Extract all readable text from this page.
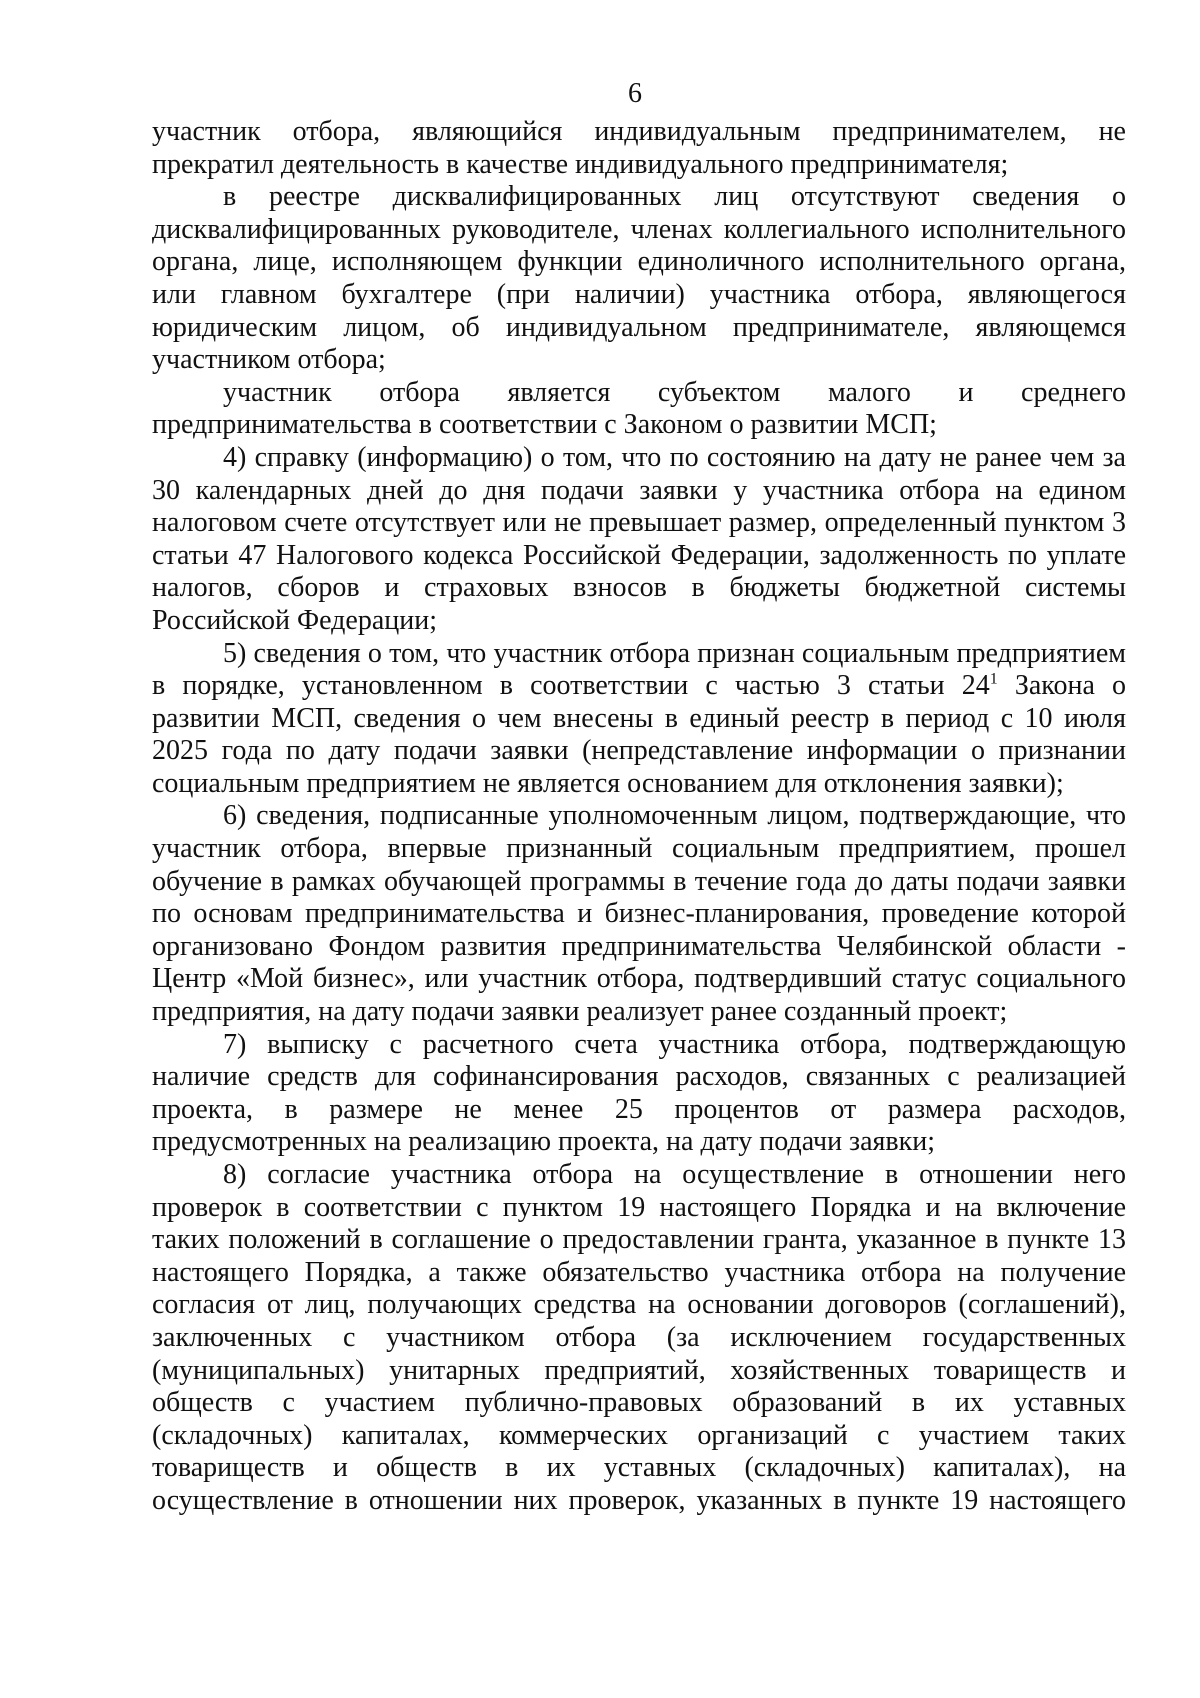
6

участник отбора, являющийся индивидуальным предпринимателем, не прекратил деятельность в качестве индивидуального предпринимателя;

в реестре дисквалифицированных лиц отсутствуют сведения о дисквалифицированных руководителе, членах коллегиального исполнительного органа, лице, исполняющем функции единоличного исполнительного органа, или главном бухгалтере (при наличии) участника отбора, являющегося юридическим лицом, об индивидуальном предпринимателе, являющемся участником отбора;

участник отбора является субъектом малого и среднего предпринимательства в соответствии с Законом о развитии МСП;

4) справку (информацию) о том, что по состоянию на дату не ранее чем за 30 календарных дней до дня подачи заявки у участника отбора на едином налоговом счете отсутствует или не превышает размер, определенный пунктом 3 статьи 47 Налогового кодекса Российской Федерации, задолженность по уплате налогов, сборов и страховых взносов в бюджеты бюджетной системы Российской Федерации;

5) сведения о том, что участник отбора признан социальным предприятием в порядке, установленном в соответствии с частью 3 статьи $24^1$ Закона о развитии МСП, сведения о чем внесены в единый реестр в период с 10 июля 2025 года по дату подачи заявки (непредставление информации о признании социальным предприятием не является основанием для отклонения заявки);

6) сведения, подписанные уполномоченным лицом, подтверждающие, что участник отбора, впервые признанный социальным предприятием, прошел обучение в рамках обучающей программы в течение года до даты подачи заявки по основам предпринимательства и бизнес-планирования, проведение которой организовано Фондом развития предпринимательства Челябинской области - Центр «Мой бизнес», или участник отбора, подтвердивший статус социального предприятия, на дату подачи заявки реализует ранее созданный проект;

7) выписку с расчетного счета участника отбора, подтверждающую наличие средств для софинансирования расходов, связанных с реализацией проекта, в размере не менее 25 процентов от размера расходов, предусмотренных на реализацию проекта, на дату подачи заявки;

8) согласие участника отбора на осуществление в отношении него проверок в соответствии с пунктом 19 настоящего Порядка и на включение таких положений в соглашение о предоставлении гранта, указанное в пункте 13 настоящего Порядка, а также обязательство участника отбора на получение согласия от лиц, получающих средства на основании договоров (соглашений), заключенных с участником отбора (за исключением государственных (муниципальных) унитарных предприятий, хозяйственных товариществ и обществ с участием публично-правовых образований в их уставных (складочных) капиталах, коммерческих организаций с участием таких товариществ и обществ в их уставных (складочных) капиталах), на осуществление в отношении них проверок, указанных в пункте 19 настоящего
